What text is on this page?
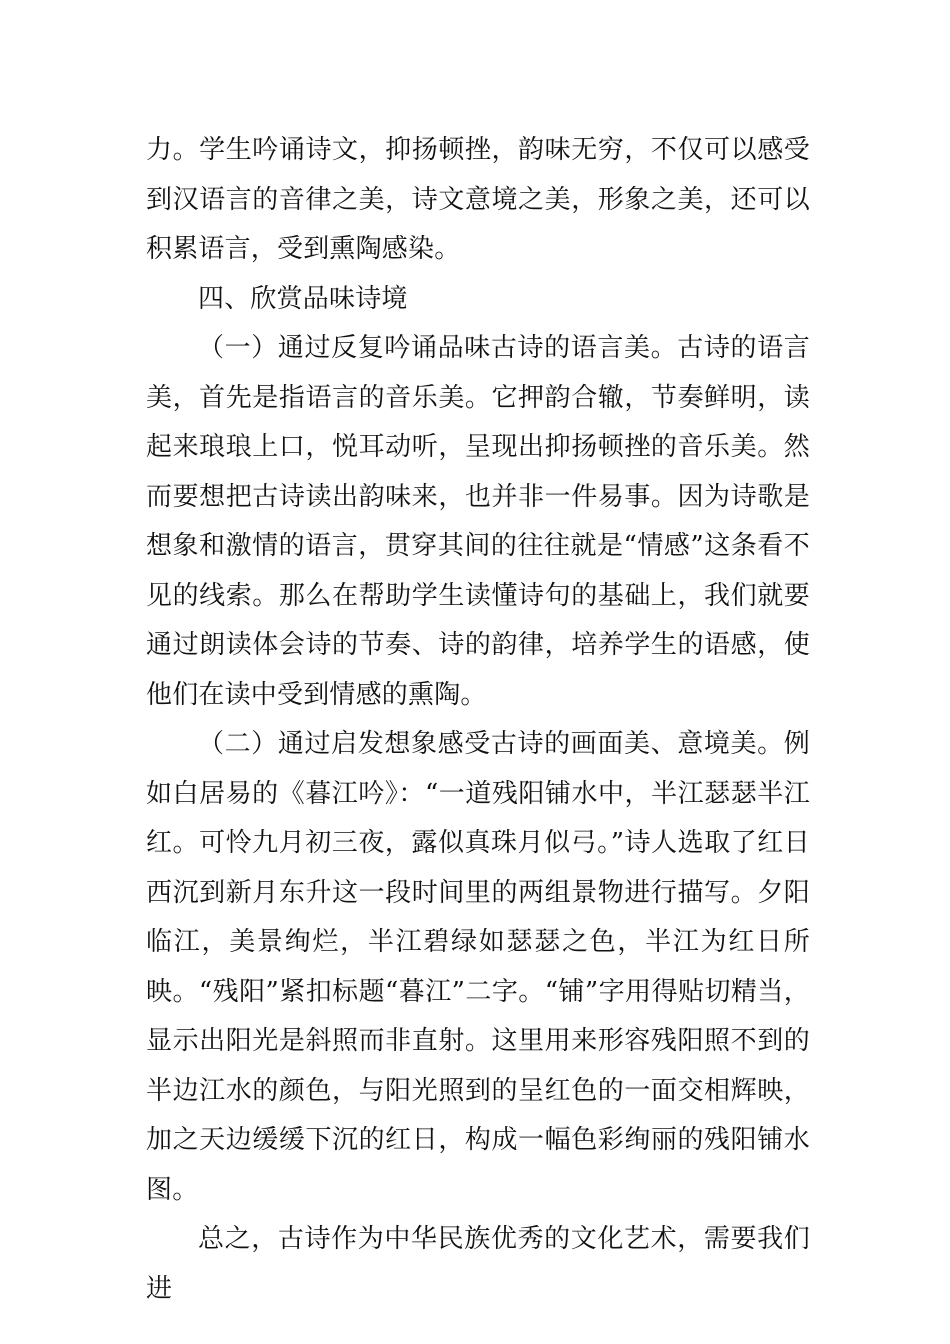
力。学生吟诵诗文，抑扬顿挫，韵味无穷，不仅可以感受到汉语言的音律之美，诗文意境之美，形象之美，还可以积累语言，受到熏陶感染。

四、欣赏品味诗境

（一）通过反复吟诵品味古诗的语言美。古诗的语言美，首先是指语言的音乐美。它押韵合辙，节奏鲜明，读起来琅琅上口，悦耳动听，呈现出抑扬顿挫的音乐美。然而要想把古诗读出韵味来，也并非一件易事。因为诗歌是想象和激情的语言，贯穿其间的往往就是“情感”这条看不见的线索。那么在帮助学生读懂诗句的基础上，我们就要通过朗读体会诗的节奏、诗的韵律，培养学生的语感，使他们在读中受到情感的熏陶。

（二）通过启发想象感受古诗的画面美、意境美。例如白居易的《暮江吟》：“一道残阳铺水中，半江瑟瑟半江红。可怜九月初三夜，露似真珠月似弓。”诗人选取了红日西沉到新月东升这一段时间里的两组景物进行描写。夕阳临江，美景绚烂，半江碧绿如瑟瑟之色，半江为红日所映。“残阳”紧扣标题“暮江”二字。“铺”字用得贴切精当，显示出阳光是斜照而非直射。这里用来形容残阳照不到的半边江水的颜色，与阳光照到的呈红色的一面交相辉映，加之天边缓缓下沉的红日，构成一幅色彩绚丽的残阳铺水图。

总之，古诗作为中华民族优秀的文化艺术，需要我们进
